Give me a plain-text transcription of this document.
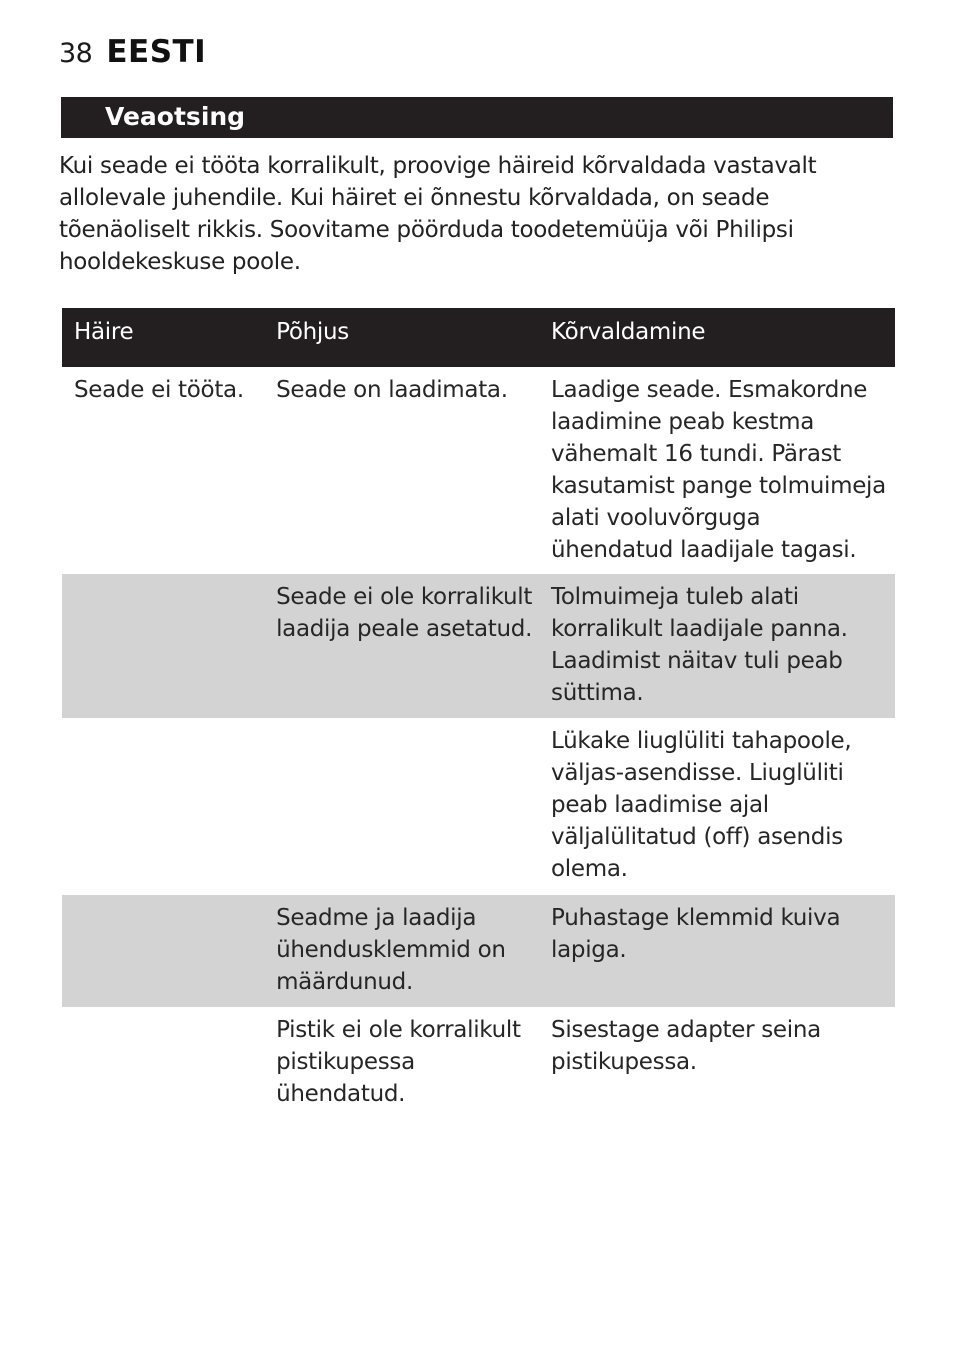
38 EESTI
Veaotsing

Kui seade ei tööta korralikult, proovige häireid kõrvaldada vastavalt allolevale juhendile. Kui häiret ei õnnestu kõrvaldada, on seade tõenäoliselt rikkis. Soovitame pöörduda toodetemüüja või Philipsi hooldekeskuse poole.

Häire	Põhjus	Kõrvaldamine
Seade ei tööta.	Seade on laadimata.	Laadige seade. Esmakordne laadimine peab kestma vähemalt 16 tundi. Pärast kasutamist pange tolmuimeja alati vooluvõrguga ühendatud laadijale tagasi.
	Seade ei ole korralikult laadija peale asetatud.	Tolmuimeja tuleb alati korralikult laadijale panna. Laadimist näitav tuli peab süttima.
		Lükake liuglüliti tahapoole, väljas-asendisse. Liuglüliti peab laadimise ajal väljalülitatud (off) asendis olema.
	Seadme ja laadija ühendusklemmid on määrdunud.	Puhastage klemmid kuiva lapiga.
	Pistik ei ole korralikult pistikupessa ühendatud.	Sisestage adapter seina pistikupessa.
